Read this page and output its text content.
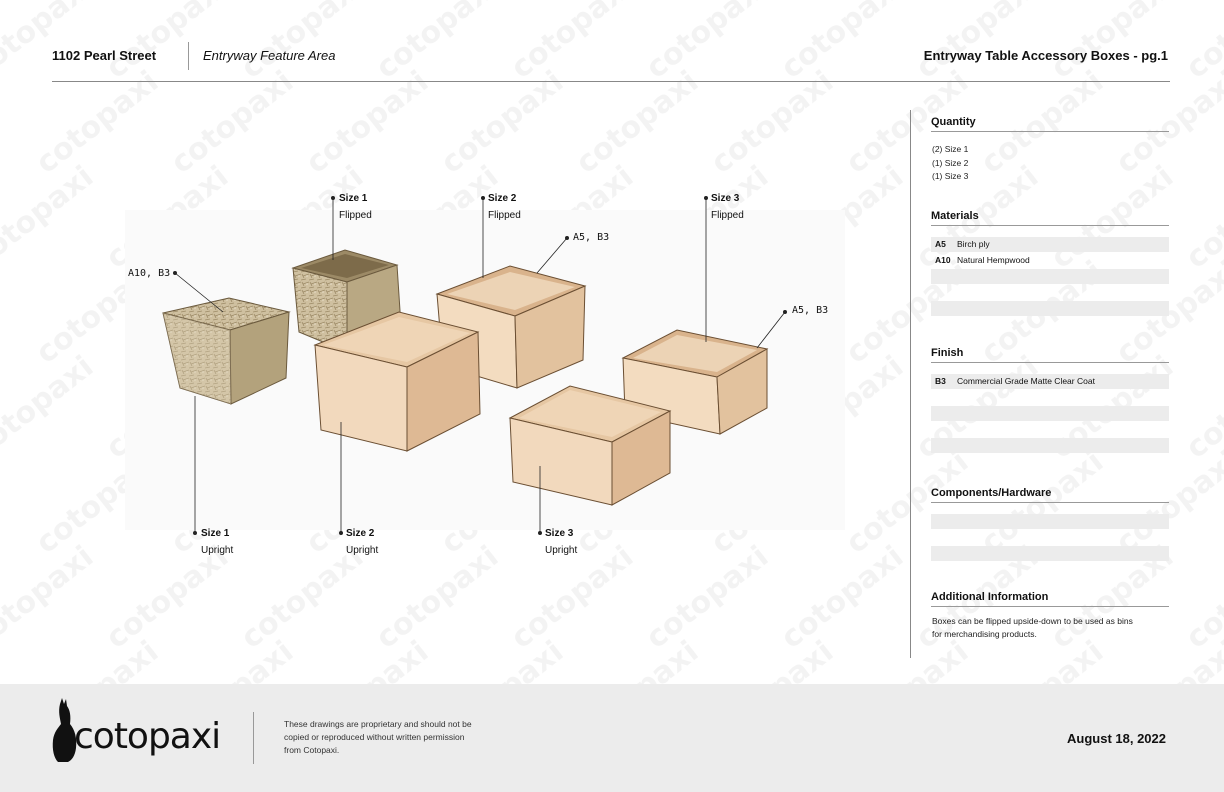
1102 Pearl Street	Entryway Feature Area	Entryway Table Accessory Boxes - pg.1
Size 1
Flipped
Size 2
Flipped
Size 3
Flipped
Size 1
Upright
Size 2
Upright
Size 3
Upright
A10, B3
A5, B3
A5, B3
Quantity
(2) Size 1
(1) Size 2
(1) Size 3
Materials
A5 Birch ply
A10 Natural Hempwood
Finish
B3 Commercial Grade Matte Clear Coat
Components/Hardware
Additional Information
Boxes can be flipped upside-down to be used as bins for merchandising products.
cotopaxi	These drawings are proprietary and should not be copied or reproduced without written permission from Cotopaxi.
August 18, 2022
